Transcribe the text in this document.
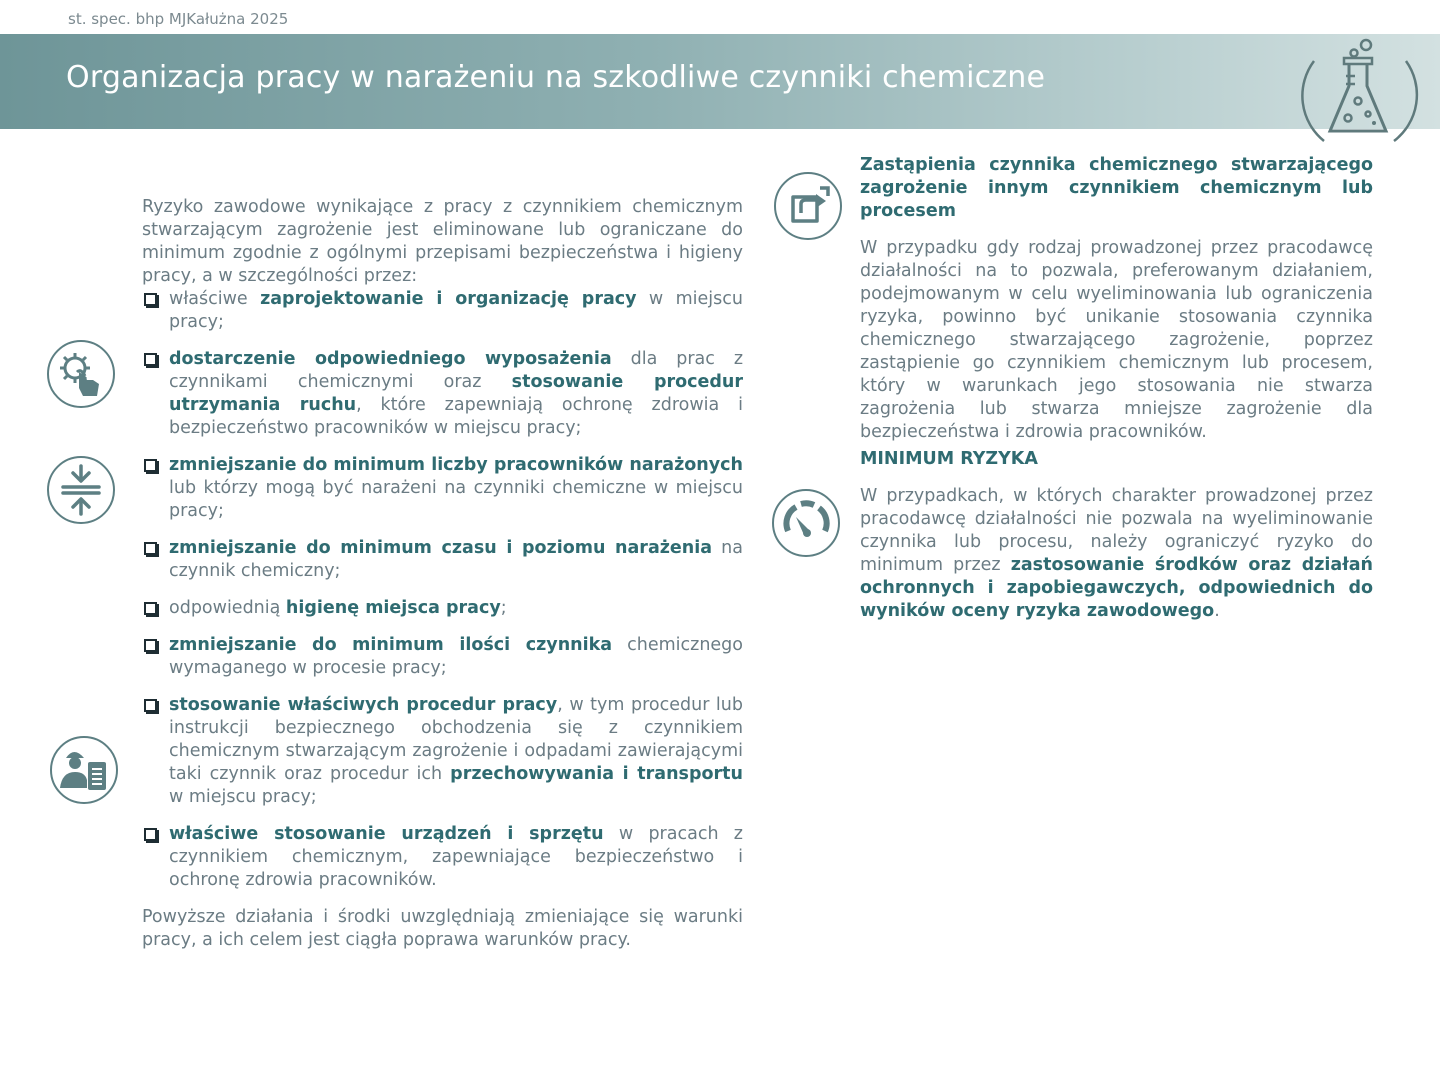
st. spec. bhp MJKałużna 2025
Organizacja pracy w narażeniu na szkodliwe czynniki chemiczne

Ryzyko zawodowe wynikające z pracy z czynnikiem chemicznym stwarzającym zagrożenie jest eliminowane lub ograniczane do minimum zgodnie z ogólnymi przepisami bezpieczeństwa i higieny pracy, a w szczególności przez:

właściwe zaprojektowanie i organizację pracy w miejscu pracy;
dostarczenie odpowiedniego wyposażenia dla prac z czynnikami chemicznymi oraz stosowanie procedur utrzymania ruchu, które zapewniają ochronę zdrowia i bezpieczeństwo pracowników w miejscu pracy;
zmniejszanie do minimum liczby pracowników narażonych lub którzy mogą być narażeni na czynniki chemiczne w miejscu pracy;
zmniejszanie do minimum czasu i poziomu narażenia na czynnik chemiczny;
odpowiednią higienę miejsca pracy;
zmniejszanie do minimum ilości czynnika chemicznego wymaganego w procesie pracy;
stosowanie właściwych procedur pracy, w tym procedur lub instrukcji bezpiecznego obchodzenia się z czynnikiem chemicznym stwarzającym zagrożenie i odpadami zawierającymi taki czynnik oraz procedur ich przechowywania i transportu w miejscu pracy;
właściwe stosowanie urządzeń i sprzętu w pracach z czynnikiem chemicznym, zapewniające bezpieczeństwo i ochronę zdrowia pracowników.

Powyższe działania i środki uwzględniają zmieniające się warunki pracy, a ich celem jest ciągła poprawa warunków pracy.

Zastąpienia czynnika chemicznego stwarzającego zagrożenie innym czynnikiem chemicznym lub procesem

W przypadku gdy rodzaj prowadzonej przez pracodawcę działalności na to pozwala, preferowanym działaniem, podejmowanym w celu wyeliminowania lub ograniczenia ryzyka, powinno być unikanie stosowania czynnika chemicznego stwarzającego zagrożenie, poprzez zastąpienie go czynnikiem chemicznym lub procesem, który w warunkach jego stosowania nie stwarza zagrożenia lub stwarza mniejsze zagrożenie dla bezpieczeństwa i zdrowia pracowników.

MINIMUM RYZYKA

W przypadkach, w których charakter prowadzonej przez pracodawcę działalności nie pozwala na wyeliminowanie czynnika lub procesu, należy ograniczyć ryzyko do minimum przez zastosowanie środków oraz działań ochronnych i zapobiegawczych, odpowiednich do wyników oceny ryzyka zawodowego.
